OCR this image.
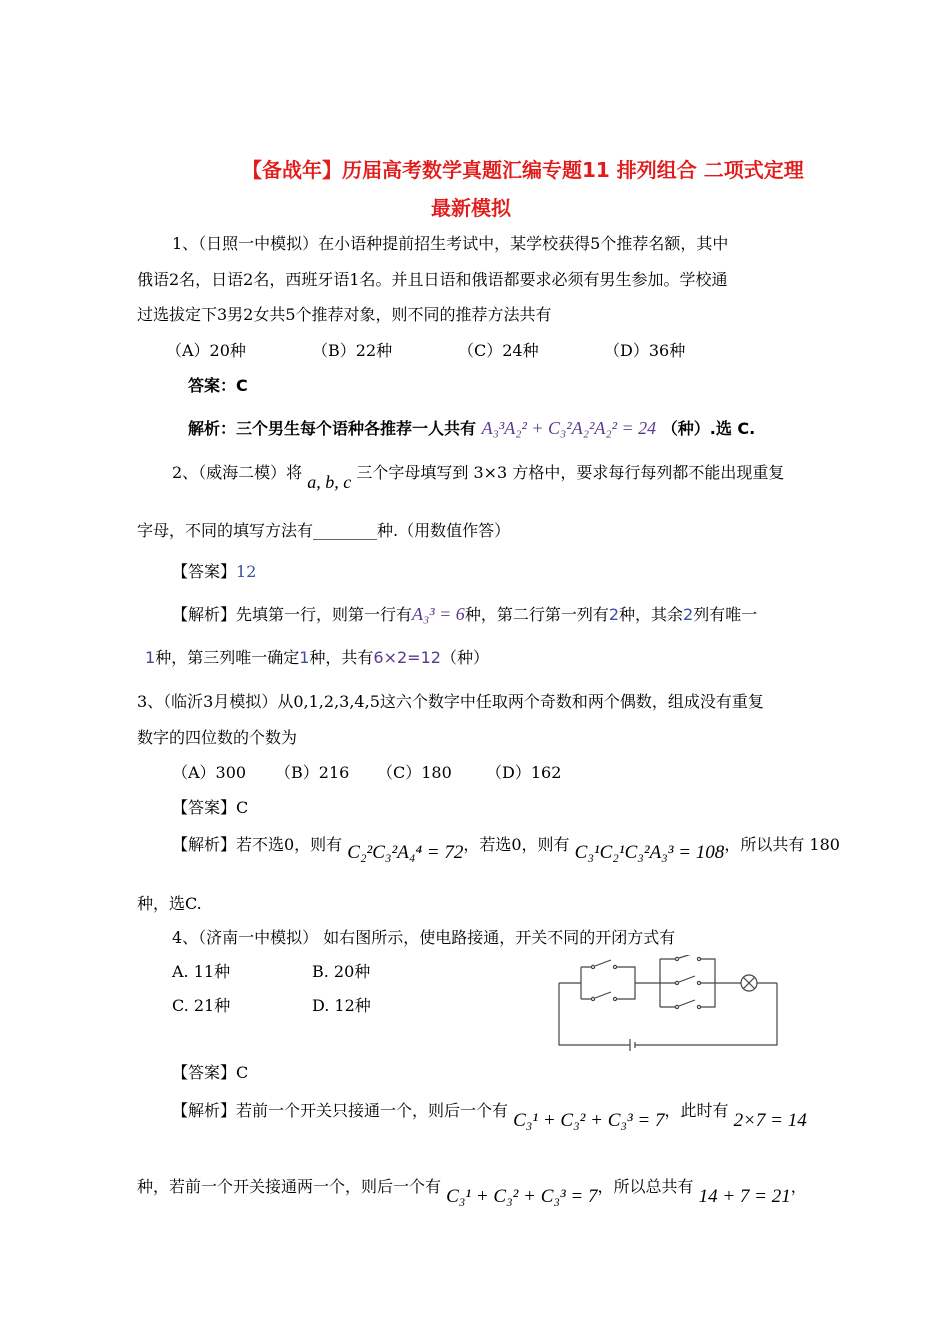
【备战年】历届高考数学真题汇编专题11 排列组合 二项式定理
最新模拟
1、（日照一中模拟）在小语种提前招生考试中，某学校获得5个推荐名额，其中
俄语2名，日语2名，西班牙语1名。并且日语和俄语都要求必须有男生参加。学校通
过选拔定下3男2女共5个推荐对象，则不同的推荐方法共有
（A）20种	（B）22种	（C）24种	（D）36种
答案：C
解析：三个男生每个语种各推荐一人共有 A₃³A₂² + C₃²A₂²A₂² = 24 （种）.选 C.
2、（威海二模）将 a, b, c 三个字母填写到 3×3 方格中，要求每行每列都不能出现重复
字母，不同的填写方法有________种.（用数值作答）
【答案】12
【解析】先填第一行，则第一行有A₃³ = 6种，第二行第一列有2种，其余2列有唯一
1种，第三列唯一确定1种，共有6×2=12（种）
3、（临沂3月模拟）从0,1,2,3,4,5这六个数字中任取两个奇数和两个偶数，组成没有重复
数字的四位数的个数为
（A）300 （B）216 （C）180 （D）162
【答案】C
【解析】若不选0，则有 C₂²C₃²A₄⁴ = 72，若选0，则有 C₃¹C₂¹C₃²A₃³ = 108，所以共有 180
种，选C.
4、（济南一中模拟） 如右图所示，使电路接通，开关不同的开闭方式有
A. 11种	B. 20种
C. 21种	D. 12种
【答案】C
【解析】若前一个开关只接通一个，则后一个有 C₃¹ + C₃² + C₃³ = 7，此时有 2×7 = 14
种，若前一个开关接通两一个，则后一个有 C₃¹ + C₃² + C₃³ = 7，所以总共有 14 + 7 = 21，
